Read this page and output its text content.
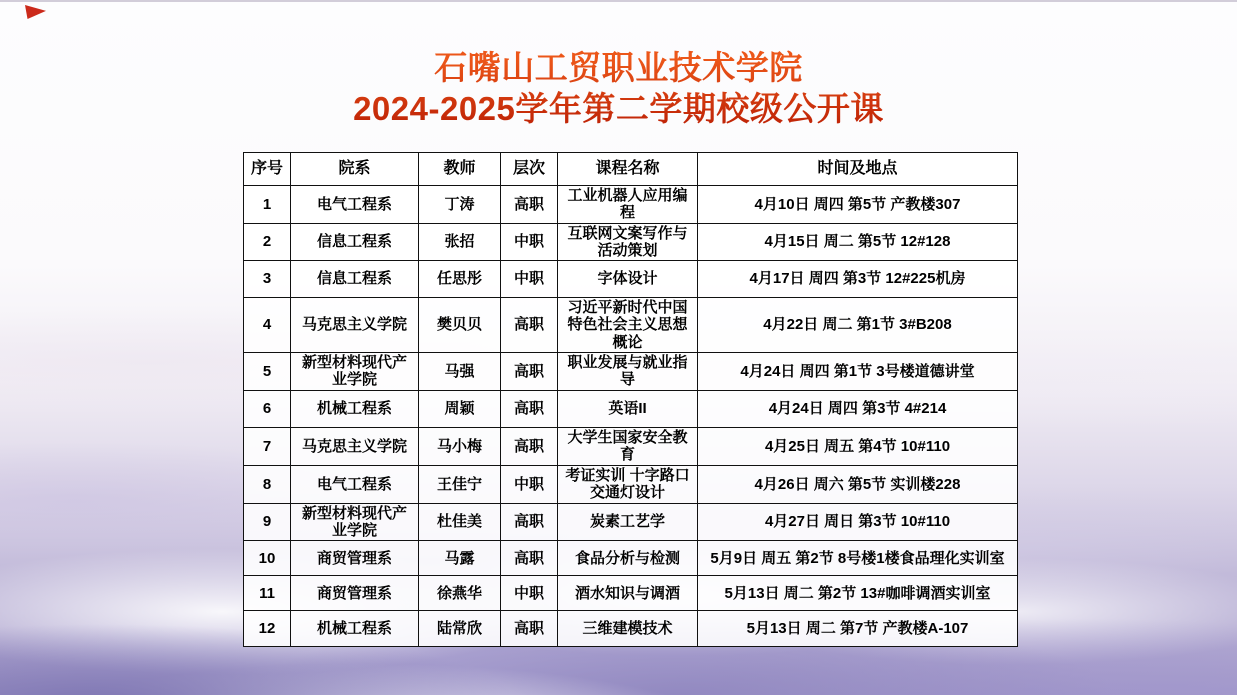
石嘴山工贸职业技术学院
2024-2025学年第二学期校级公开课
序号	院系	教师	层次	课程名称	时间及地点
1	电气工程系	丁涛	高职	工业机器人应用编程	4月10日 周四 第5节 产教楼307
2	信息工程系	张招	中职	互联网文案写作与活动策划	4月15日 周二 第5节 12#128
3	信息工程系	任思彤	中职	字体设计	4月17日 周四 第3节 12#225机房
4	马克思主义学院	樊贝贝	高职	习近平新时代中国特色社会主义思想概论	4月22日 周二 第1节 3#B208
5	新型材料现代产业学院	马强	高职	职业发展与就业指导	4月24日 周四 第1节 3号楼道德讲堂
6	机械工程系	周颖	高职	英语II	4月24日 周四 第3节 4#214
7	马克思主义学院	马小梅	高职	大学生国家安全教育	4月25日 周五 第4节 10#110
8	电气工程系	王佳宁	中职	考证实训 十字路口交通灯设计	4月26日 周六 第5节 实训楼228
9	新型材料现代产业学院	杜佳美	高职	炭素工艺学	4月27日 周日 第3节 10#110
10	商贸管理系	马露	高职	食品分析与检测	5月9日 周五 第2节 8号楼1楼食品理化实训室
11	商贸管理系	徐燕华	中职	酒水知识与调酒	5月13日 周二 第2节 13#咖啡调酒实训室
12	机械工程系	陆常欣	高职	三维建模技术	5月13日 周二 第7节 产教楼A-107
